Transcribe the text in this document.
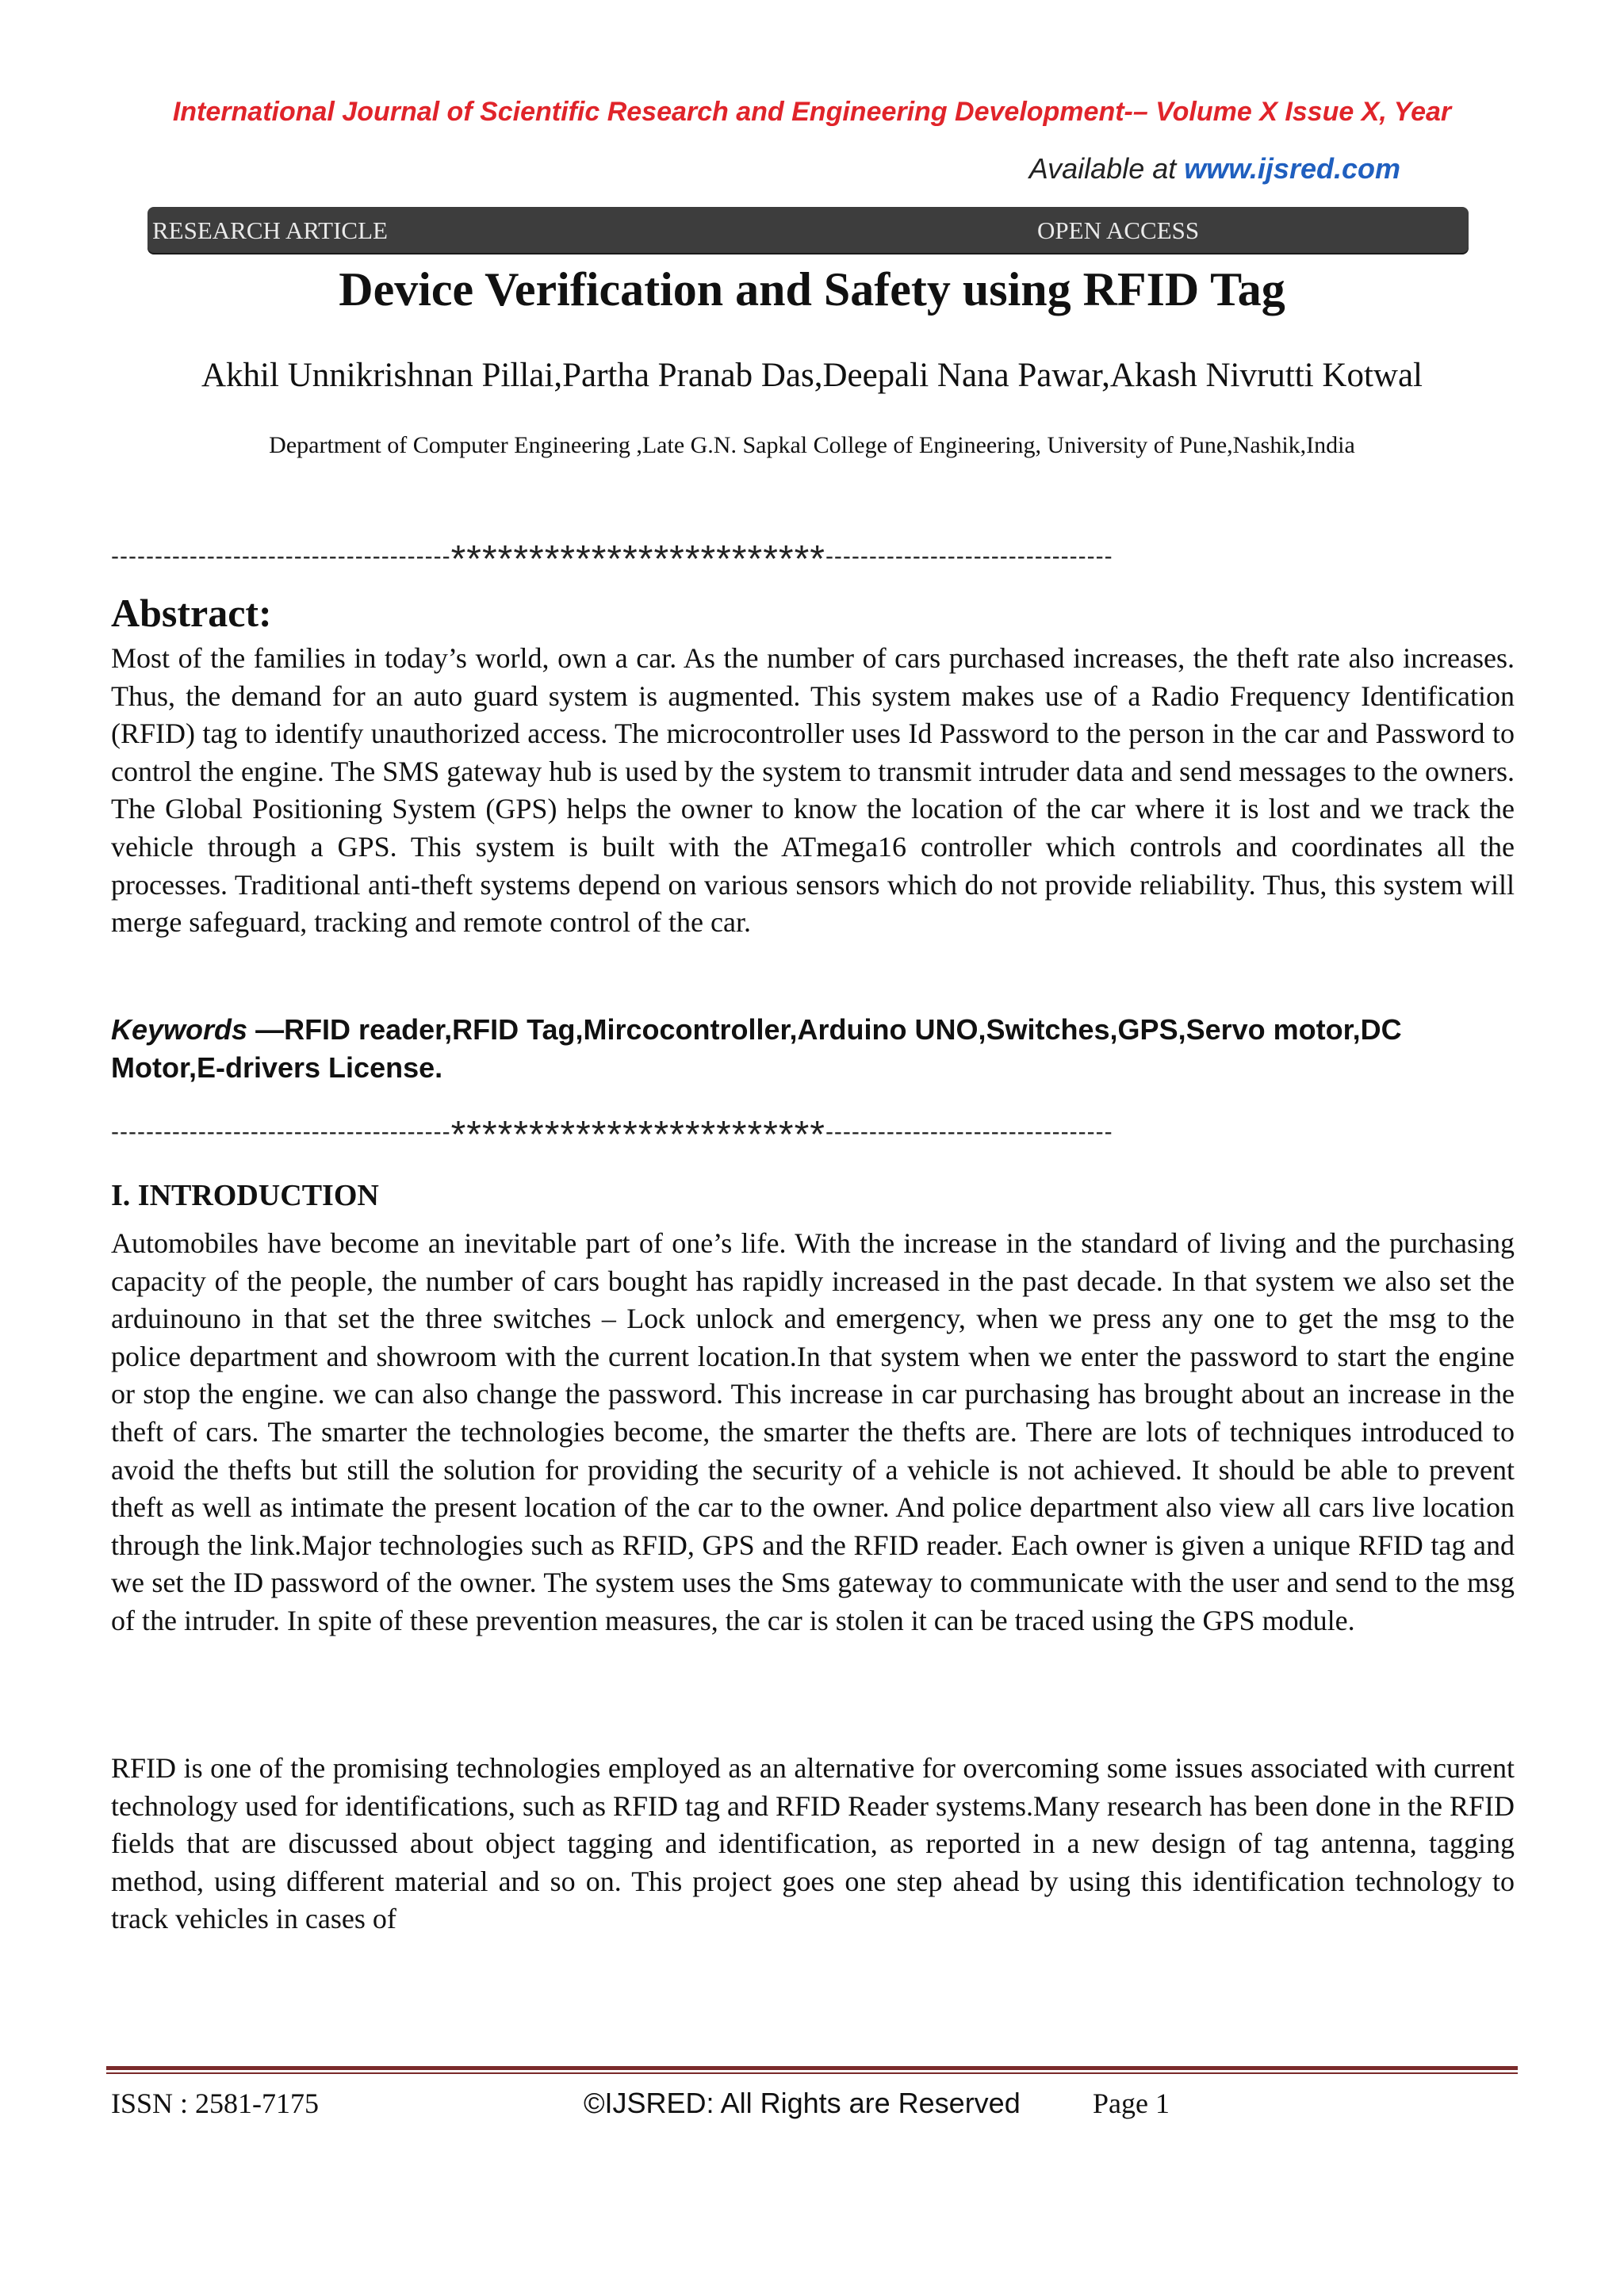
International Journal of Scientific Research and Engineering Development-– Volume X Issue X, Year
Available at www.ijsred.com
RESEARCH ARTICLE	OPEN ACCESS
Device Verification and Safety using RFID Tag
Akhil Unnikrishnan Pillai,Partha Pranab Das,Deepali Nana Pawar,Akash Nivrutti Kotwal
Department of Computer Engineering ,Late G.N. Sapkal College of Engineering, University of Pune,Nashik,India
---------------------------------------************************---------------------------------
Abstract:
Most of the families in today’s world, own a car. As the number of cars purchased increases, the theft rate also increases. Thus, the demand for an auto guard system is augmented. This system makes use of a Radio Frequency Identification (RFID) tag to identify unauthorized access. The microcontroller uses Id Password to the person in the car and Password to control the engine. The SMS gateway hub is used by the system to transmit intruder data and send messages to the owners. The Global Positioning System (GPS) helps the owner to know the location of the car where it is lost and we track the vehicle through a GPS. This system is built with the ATmega16 controller which controls and coordinates all the processes. Traditional anti-theft systems depend on various sensors which do not provide reliability. Thus, this system will merge safeguard, tracking and remote control of the car.
Keywords —RFID reader,RFID Tag,Mircocontroller,Arduino UNO,Switches,GPS,Servo motor,DC Motor,E-drivers License.
---------------------------------------************************---------------------------------
I. INTRODUCTION
Automobiles have become an inevitable part of one’s life. With the increase in the standard of living and the purchasing capacity of the people, the number of cars bought has rapidly increased in the past decade. In that system we also set the arduinouno in that set the three switches – Lock unlock and emergency, when we press any one to get the msg to the police department and showroom with the current location.In that system when we enter the password to start the engine or stop the engine. we can also change the password. This increase in car purchasing has brought about an increase in the theft of cars. The smarter the technologies become, the smarter the thefts are. There are lots of techniques introduced to avoid the thefts but still the solution for providing the security of a vehicle is not achieved. It should be able to prevent theft as well as intimate the present location of the car to the owner. And police department also view all cars live location through the link.Major technologies such as RFID, GPS and the RFID reader. Each owner is given a unique RFID tag and we set the ID password of the owner. The system uses the Sms gateway to communicate with the user and send to the msg of the intruder. In spite of these prevention measures, the car is stolen it can be traced using the GPS module.
RFID is one of the promising technologies employed as an alternative for overcoming some issues associated with current technology used for identifications, such as RFID tag and RFID Reader systems.Many research has been done in the RFID fields that are discussed about object tagging and identification, as reported in a new design of tag antenna, tagging method, using different material and so on. This project goes one step ahead by using this identification technology to track vehicles in cases of
ISSN : 2581-7175	©IJSRED: All Rights are Reserved	Page 1
